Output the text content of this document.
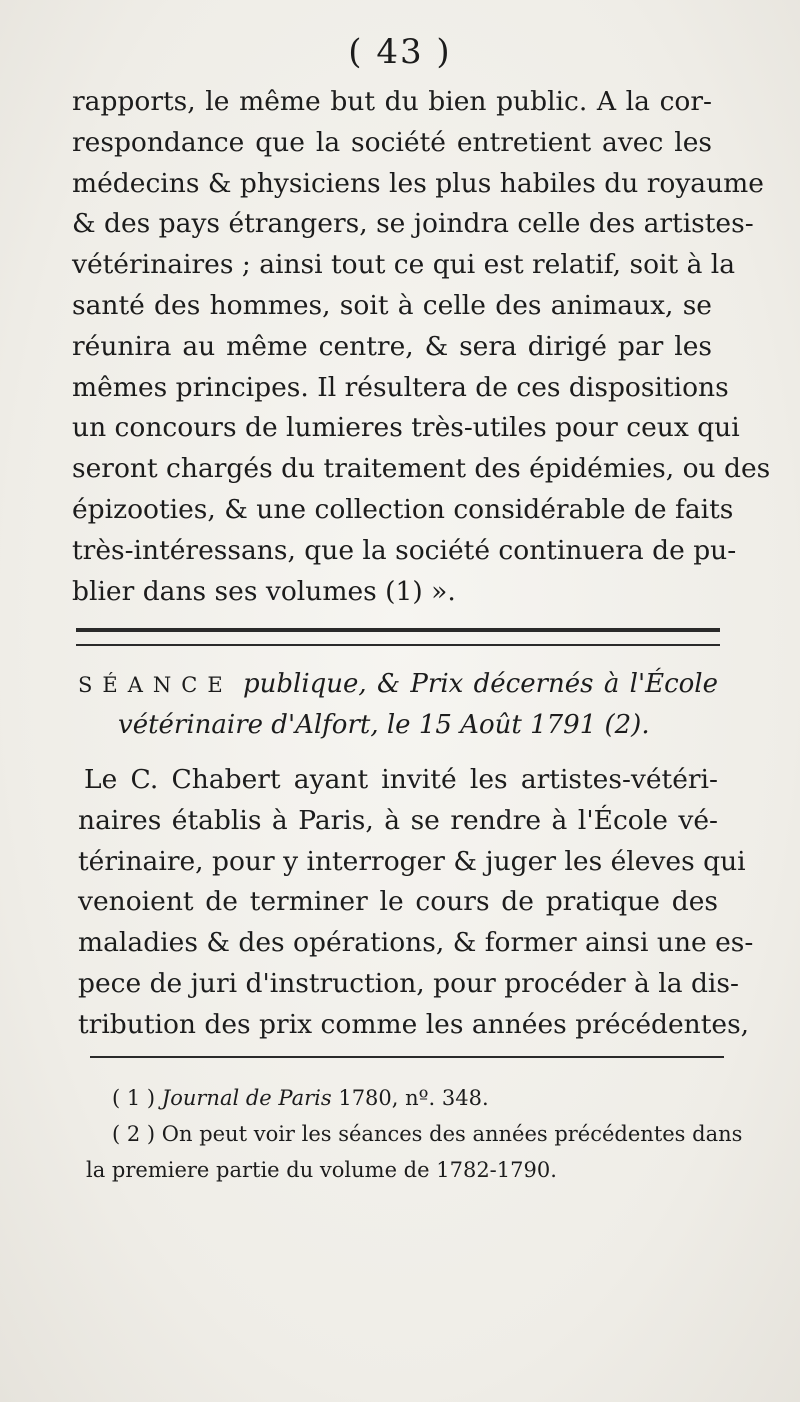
( 43 )
rapports, le même but du bien public. A la cor-
respondance que la société entretient avec les
médecins & physiciens les plus habiles du royaume
& des pays étrangers, se joindra celle des artistes-
vétérinaires ; ainsi tout ce qui est relatif, soit à la
santé des hommes, soit à celle des animaux, se
réunira au même centre, & sera dirigé par les
mêmes principes. Il résultera de ces dispositions
un concours de lumieres très-utiles pour ceux qui
seront chargés du traitement des épidémies, ou des
épizooties, & une collection considérable de faits
très-intéressans, que la société continuera de pu-
blier dans ses volumes (1) ».
SÉANCE publique, & Prix décernés à l'École
vétérinaire d'Alfort, le 15 Août 1791 (2).
Le C. Chabert ayant invité les artistes-vétéri-
naires établis à Paris, à se rendre à l'École vé-
térinaire, pour y interroger & juger les éleves qui
venoient de terminer le cours de pratique des
maladies & des opérations, & former ainsi une es-
pece de juri d'instruction, pour procéder à la dis-
tribution des prix comme les années précédentes,
( 1 ) Journal de Paris 1780, nº. 348.
( 2 ) On peut voir les séances des années précédentes dans
la premiere partie du volume de 1782-1790.
